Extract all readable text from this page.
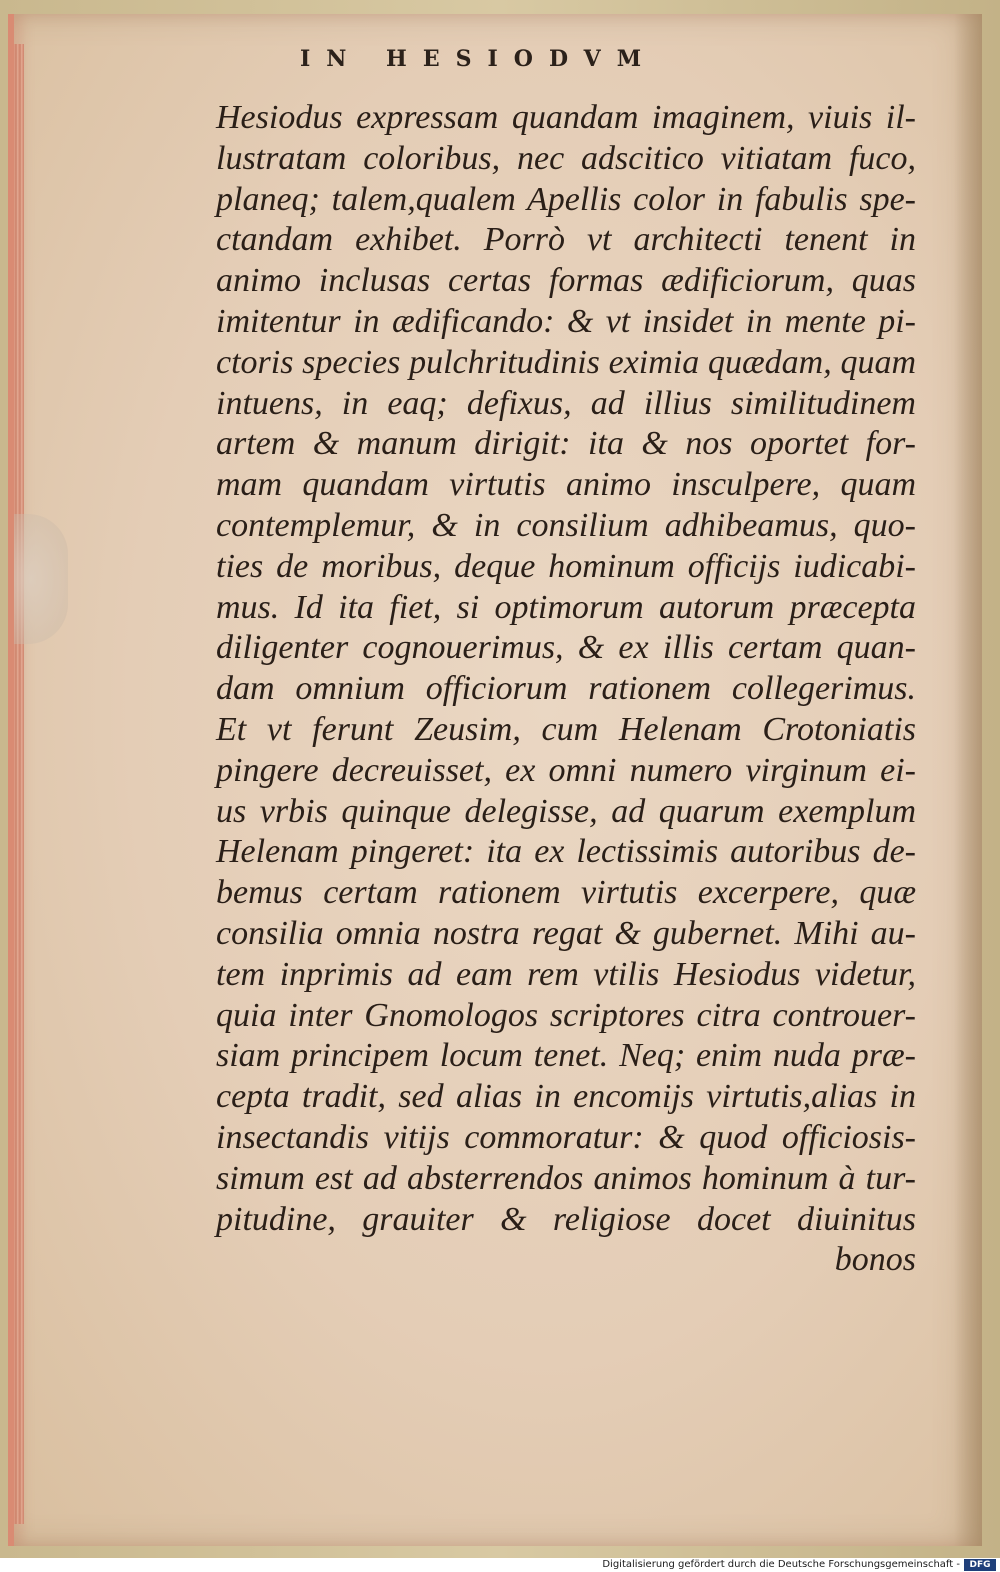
IN HESIODVM
Hesiodus expressam quandam imaginem, viuis il-
lustratam coloribus, nec adscitico vitiatam fuco,
planeq; talem,qualem Apellis color in fabulis spe-
ctandam exhibet. Porrò vt architecti tenent in
animo inclusas certas formas ædificiorum, quas
imitentur in ædificando: & vt insidet in mente pi-
ctoris species pulchritudinis eximia quædam, quam
intuens, in eaq; defixus, ad illius similitudinem
artem & manum dirigit: ita & nos oportet for-
mam quandam virtutis animo insculpere, quam
contemplemur, & in consilium adhibeamus, quo-
ties de moribus, deque hominum officijs iudicabi-
mus. Id ita fiet, si optimorum autorum præcepta
diligenter cognouerimus, & ex illis certam quan-
dam omnium officiorum rationem collegerimus.
Et vt ferunt Zeusim, cum Helenam Crotoniatis
pingere decreuisset, ex omni numero virginum ei-
us vrbis quinque delegisse, ad quarum exemplum
Helenam pingeret: ita ex lectissimis autoribus de-
bemus certam rationem virtutis excerpere, quæ
consilia omnia nostra regat & gubernet. Mihi au-
tem inprimis ad eam rem vtilis Hesiodus videtur,
quia inter Gnomologos scriptores citra controuer-
siam principem locum tenet. Neq; enim nuda præ-
cepta tradit, sed alias in encomijs virtutis,alias in
insectandis vitijs commoratur: & quod officiosis-
simum est ad absterrendos animos hominum à tur-
pitudine, grauiter & religiose docet diuinitus
bonos
Digitalisierung gefördert durch die Deutsche Forschungsgemeinschaft -	DFG
